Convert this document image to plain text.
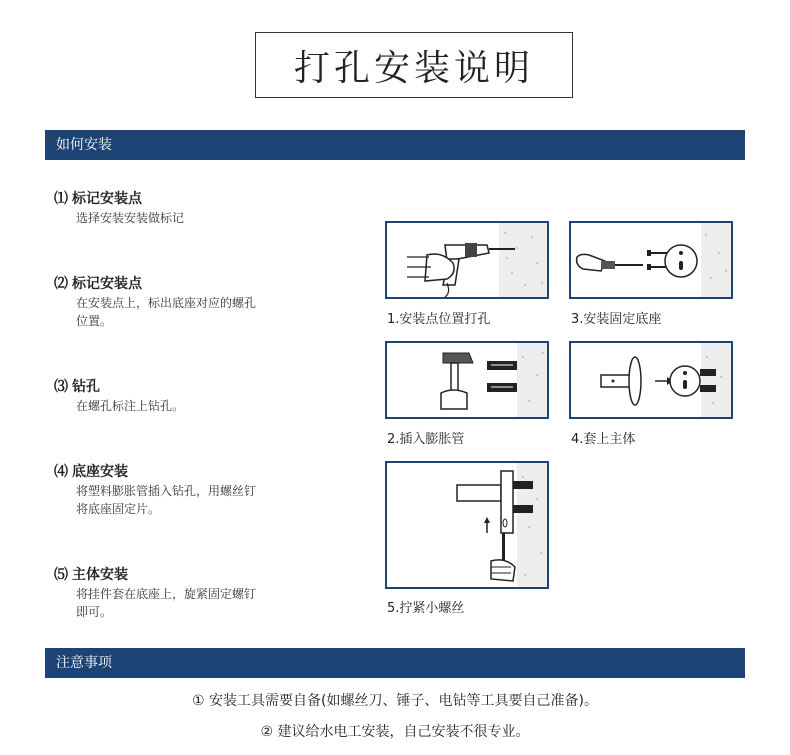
打孔安装说明
如何安装
⑴ 标记安装点
选择安装安装做标记
⑵ 标记安装点
在安装点上，标出底座对应的螺孔
位置。
⑶ 钻孔
在螺孔标注上钻孔。
⑷ 底座安装
将塑料膨胀管插入钻孔，用螺丝钉
将底座固定片。
⑸ 主体安装
将挂件套在底座上，旋紧固定螺钉
即可。
1.安装点位置打孔	3.安装固定底座
2.插入膨胀管	4.套上主体
5.拧紧小螺丝
注意事项
① 安装工具需要自备(如螺丝刀、锤子、电钻等工具要自己准备)。
② 建议给水电工安装，自己安装不很专业。
